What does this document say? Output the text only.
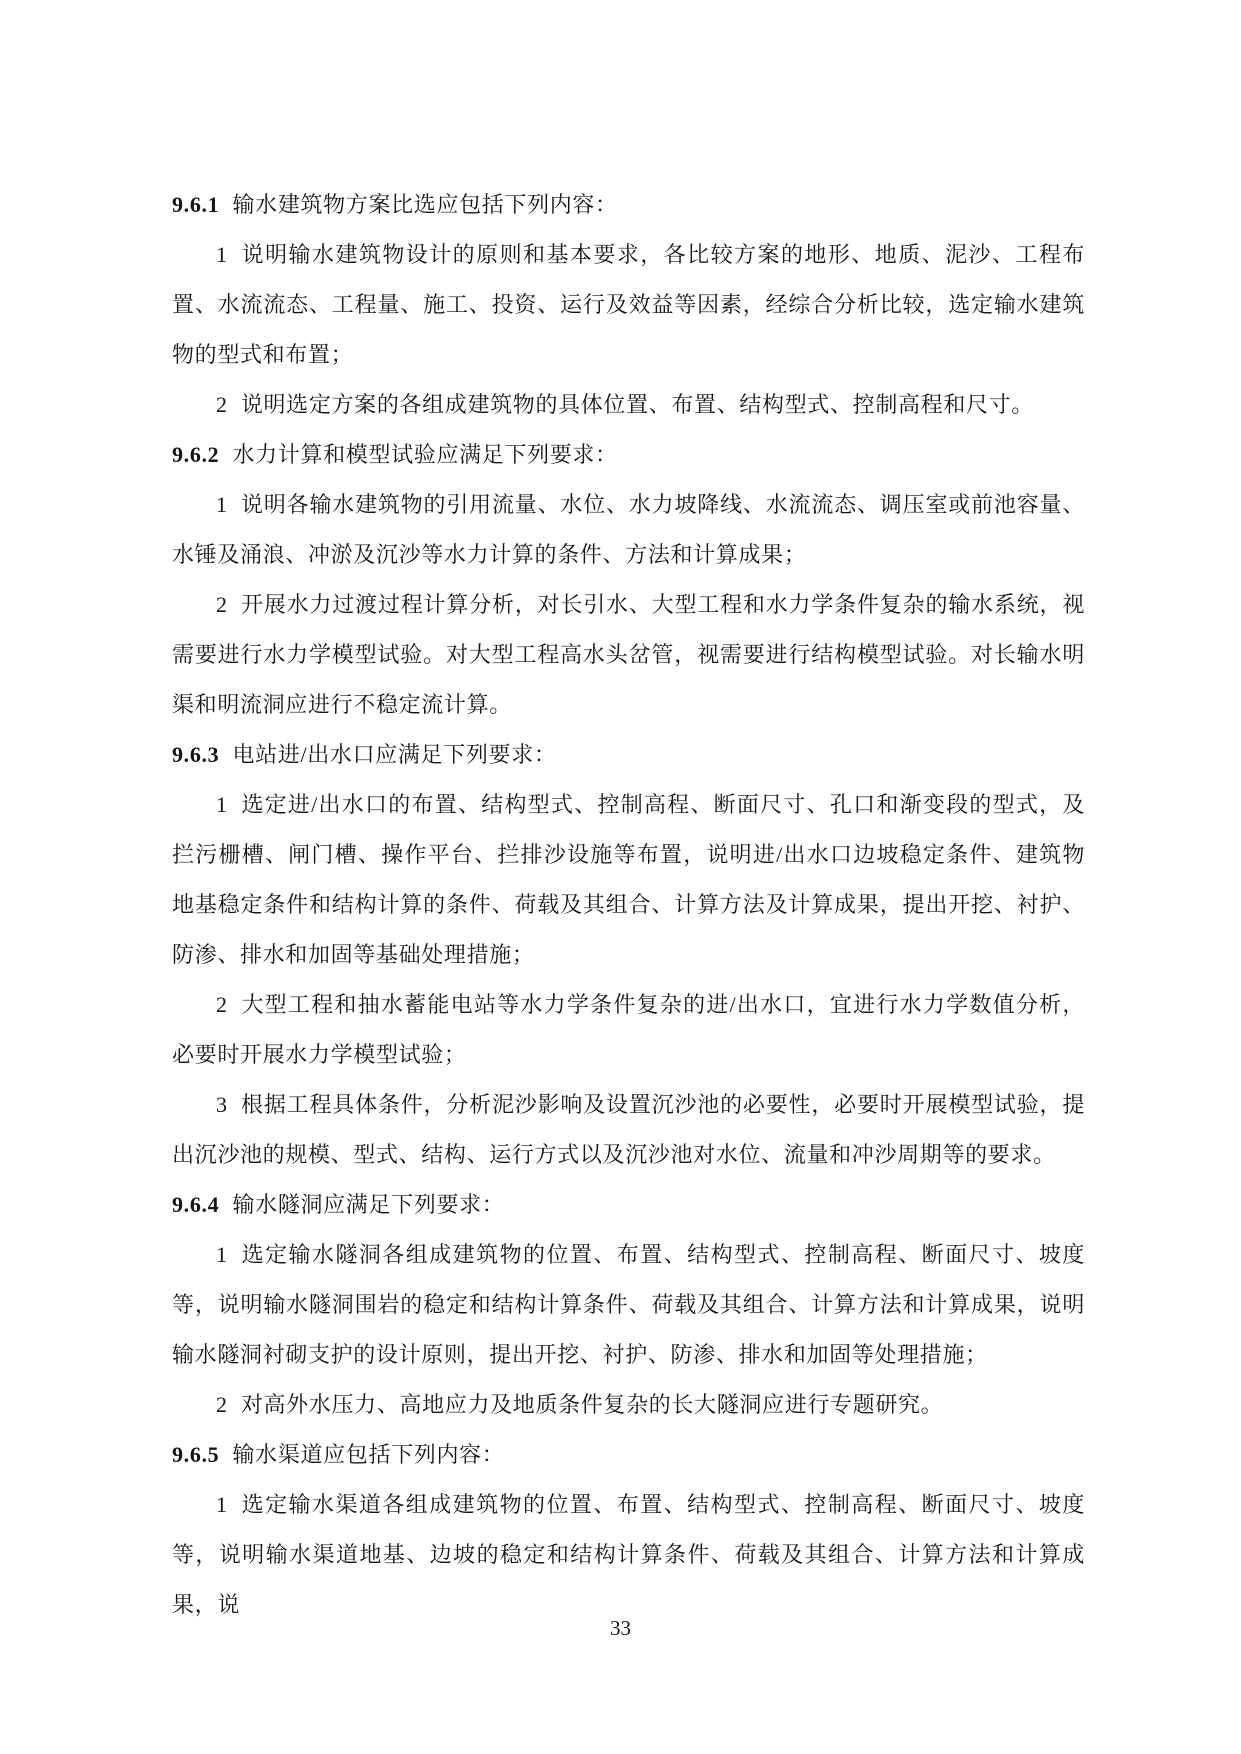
9.6.1 输水建筑物方案比选应包括下列内容：

1 说明输水建筑物设计的原则和基本要求，各比较方案的地形、地质、泥沙、工程布置、水流流态、工程量、施工、投资、运行及效益等因素，经综合分析比较，选定输水建筑物的型式和布置；

2 说明选定方案的各组成建筑物的具体位置、布置、结构型式、控制高程和尺寸。

9.6.2 水力计算和模型试验应满足下列要求：

1 说明各输水建筑物的引用流量、水位、水力坡降线、水流流态、调压室或前池容量、水锤及涌浪、冲淤及沉沙等水力计算的条件、方法和计算成果；

2 开展水力过渡过程计算分析，对长引水、大型工程和水力学条件复杂的输水系统，视需要进行水力学模型试验。对大型工程高水头岔管，视需要进行结构模型试验。对长输水明渠和明流洞应进行不稳定流计算。

9.6.3 电站进/出水口应满足下列要求：

1 选定进/出水口的布置、结构型式、控制高程、断面尺寸、孔口和渐变段的型式，及拦污栅槽、闸门槽、操作平台、拦排沙设施等布置，说明进/出水口边坡稳定条件、建筑物地基稳定条件和结构计算的条件、荷载及其组合、计算方法及计算成果，提出开挖、衬护、防渗、排水和加固等基础处理措施；

2 大型工程和抽水蓄能电站等水力学条件复杂的进/出水口，宜进行水力学数值分析，必要时开展水力学模型试验；

3 根据工程具体条件，分析泥沙影响及设置沉沙池的必要性，必要时开展模型试验，提出沉沙池的规模、型式、结构、运行方式以及沉沙池对水位、流量和冲沙周期等的要求。

9.6.4 输水隧洞应满足下列要求：

1 选定输水隧洞各组成建筑物的位置、布置、结构型式、控制高程、断面尺寸、坡度等，说明输水隧洞围岩的稳定和结构计算条件、荷载及其组合、计算方法和计算成果，说明输水隧洞衬砌支护的设计原则，提出开挖、衬护、防渗、排水和加固等处理措施；

2 对高外水压力、高地应力及地质条件复杂的长大隧洞应进行专题研究。

9.6.5 输水渠道应包括下列内容：

1 选定输水渠道各组成建筑物的位置、布置、结构型式、控制高程、断面尺寸、坡度等，说明输水渠道地基、边坡的稳定和结构计算条件、荷载及其组合、计算方法和计算成果，说

33
